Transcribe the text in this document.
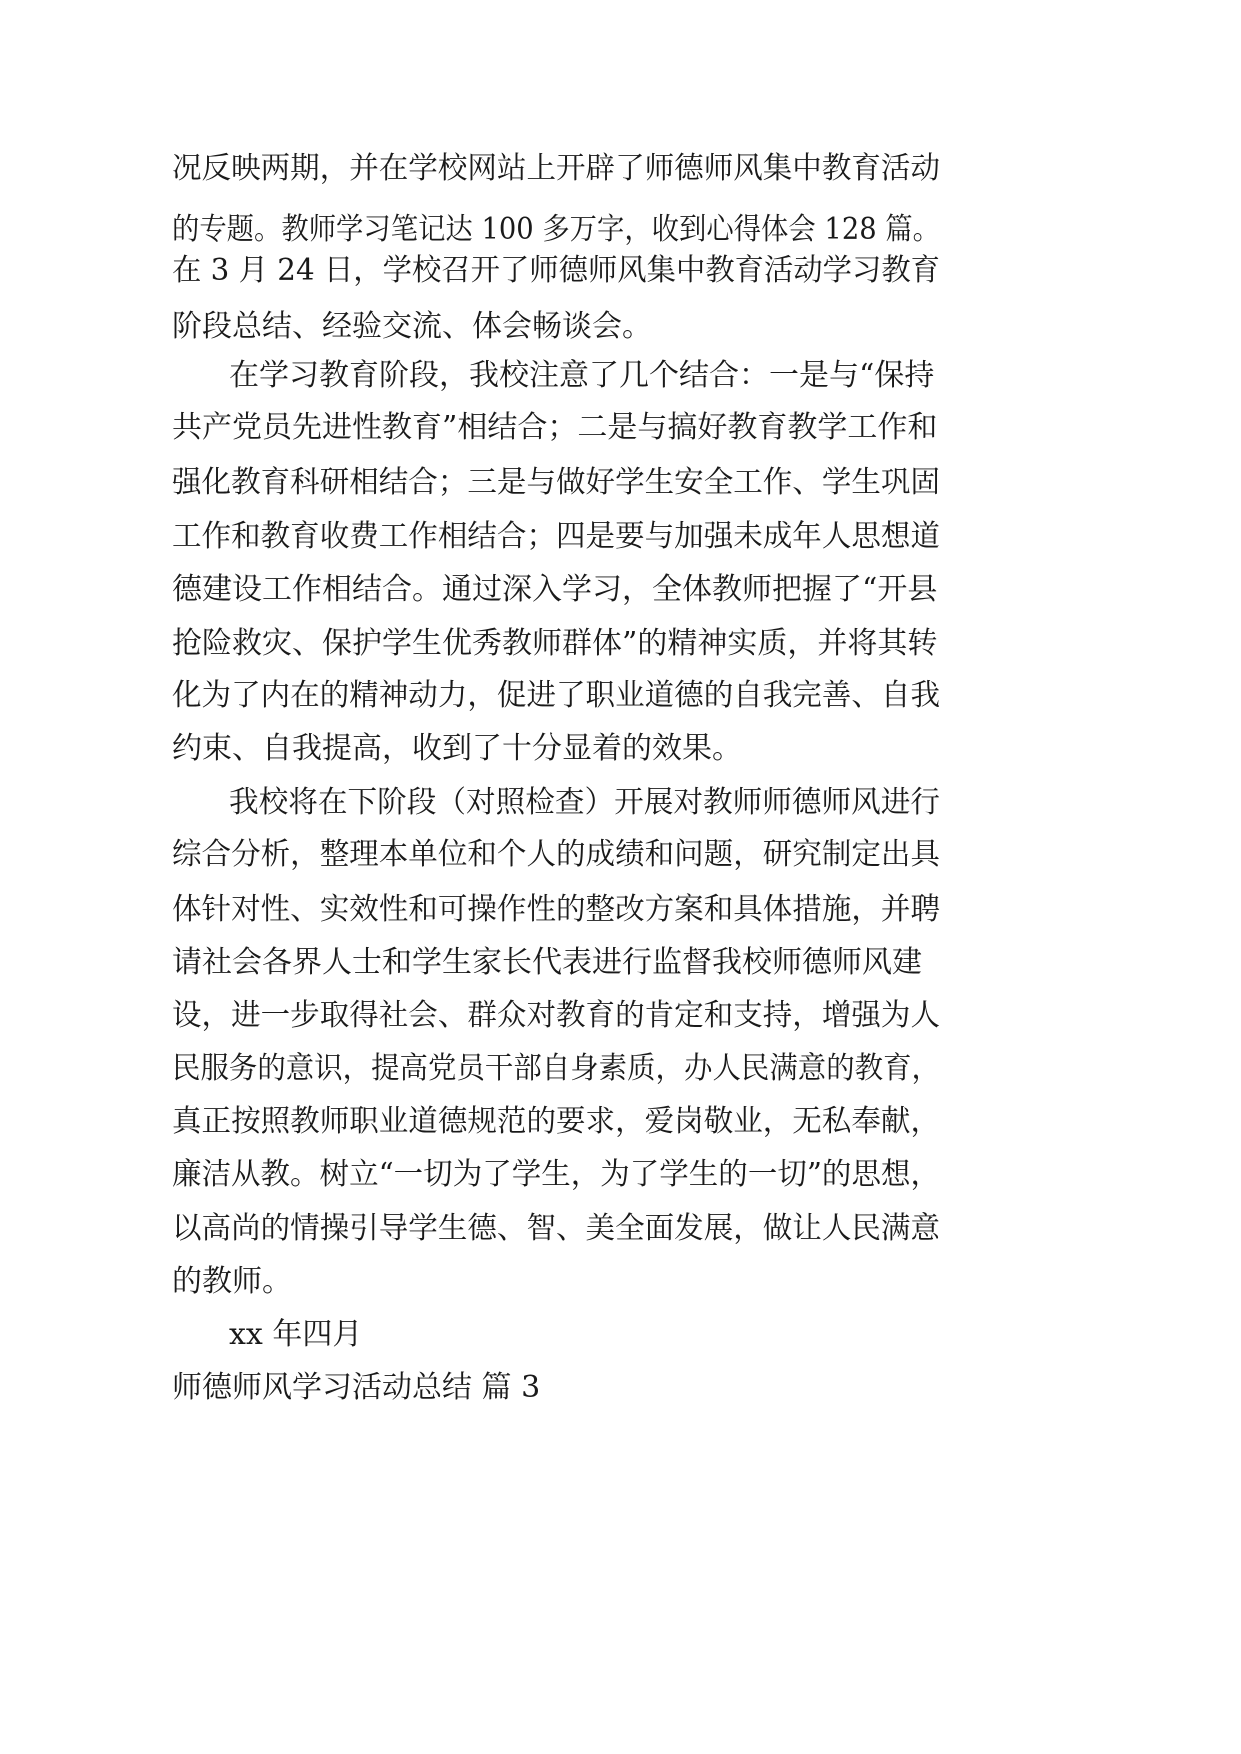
况反映两期，并在学校网站上开辟了师德师风集中教育活动
的专题。教师学习笔记达 100 多万字，收到心得体会 128 篇。
在 3 月 24 日，学校召开了师德师风集中教育活动学习教育
阶段总结、经验交流、体会畅谈会。
在学习教育阶段，我校注意了几个结合：一是与“保持
共产党员先进性教育”相结合；二是与搞好教育教学工作和
强化教育科研相结合；三是与做好学生安全工作、学生巩固
工作和教育收费工作相结合；四是要与加强未成年人思想道
德建设工作相结合。通过深入学习，全体教师把握了“开县
抢险救灾、保护学生优秀教师群体”的精神实质，并将其转
化为了内在的精神动力，促进了职业道德的自我完善、自我
约束、自我提高，收到了十分显着的效果。
我校将在下阶段（对照检查）开展对教师师德师风进行
综合分析，整理本单位和个人的成绩和问题，研究制定出具
体针对性、实效性和可操作性的整改方案和具体措施，并聘
请社会各界人士和学生家长代表进行监督我校师德师风建
设，进一步取得社会、群众对教育的肯定和支持，增强为人
民服务的意识，提高党员干部自身素质，办人民满意的教育，
真正按照教师职业道德规范的要求，爱岗敬业，无私奉献，
廉洁从教。树立“一切为了学生，为了学生的一切”的思想，
以高尚的情操引导学生德、智、美全面发展，做让人民满意
的教师。
xx 年四月
师德师风学习活动总结 篇 3
